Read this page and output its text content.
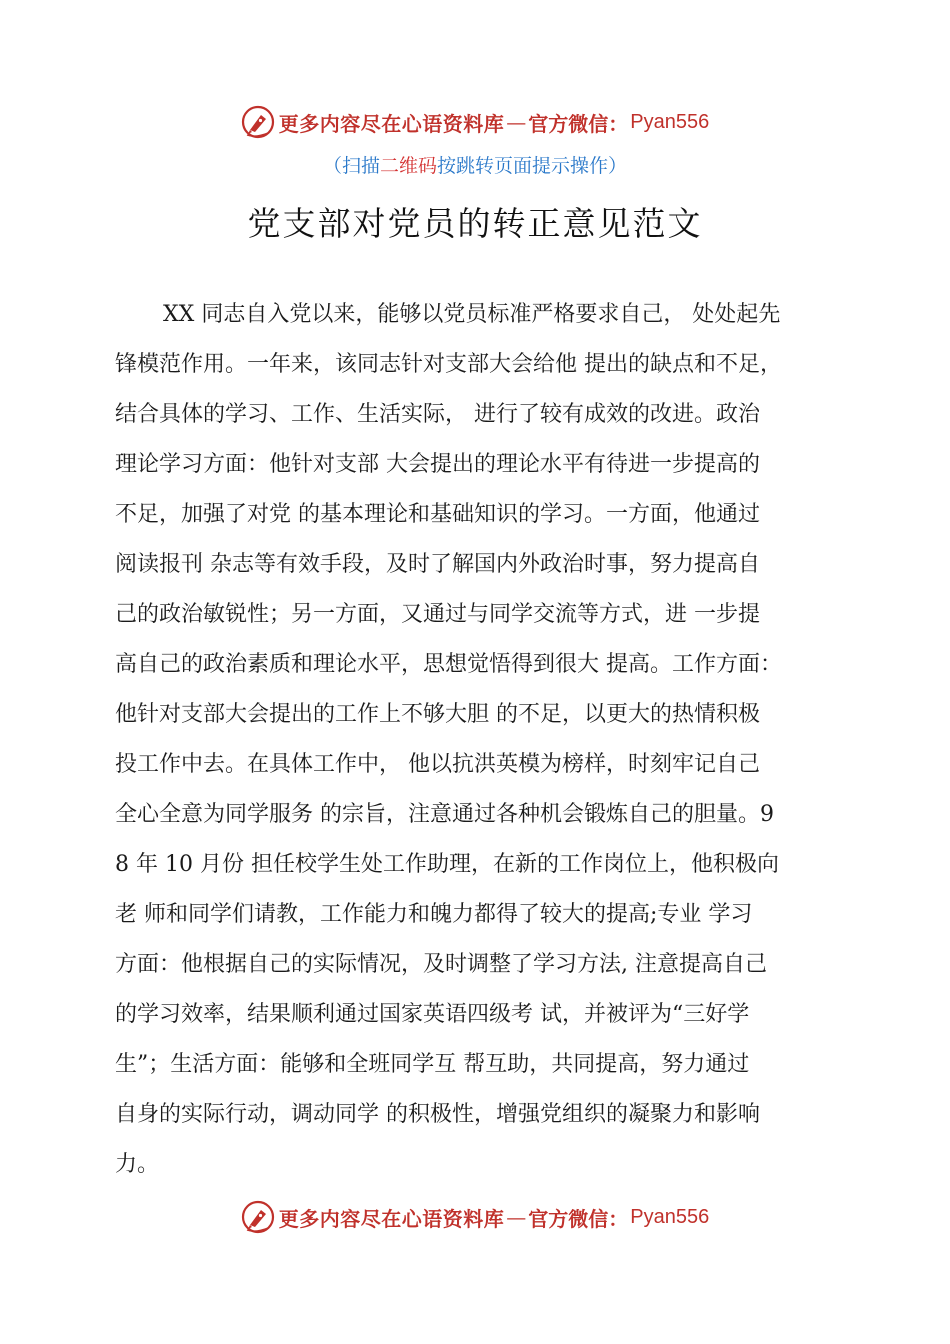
更多内容尽在心语资料库 — 官方微信： Pyan556
（扫描二维码按跳转页面提示操作）
党支部对党员的转正意见范文
XX 同志自入党以来，能够以党员标准严格要求自己， 处处起先
锋模范作用。一年来，该同志针对支部大会给他 提出的缺点和不足，
结合具体的学习、工作、生活实际， 进行了较有成效的改进。政治
理论学习方面：他针对支部 大会提出的理论水平有待进一步提高的
不足，加强了对党 的基本理论和基础知识的学习。一方面，他通过
阅读报刊 杂志等有效手段，及时了解国内外政治时事，努力提高自
己的政治敏锐性；另一方面，又通过与同学交流等方式，进 一步提
高自己的政治素质和理论水平，思想觉悟得到很大 提高。工作方面：
他针对支部大会提出的工作上不够大胆 的不足，以更大的热情积极
投工作中去。在具体工作中， 他以抗洪英模为榜样，时刻牢记自己
全心全意为同学服务 的宗旨，注意通过各种机会锻炼自己的胆量。9
8 年 10 月份 担任校学生处工作助理，在新的工作岗位上，他积极向
老 师和同学们请教，工作能力和魄力都得了较大的提高;专业 学习
方面：他根据自己的实际情况，及时调整了学习方法, 注意提高自己
的学习效率，结果顺利通过国家英语四级考 试，并被评为“三好学
生”；生活方面：能够和全班同学互 帮互助，共同提高，努力通过
自身的实际行动，调动同学 的积极性，增强党组织的凝聚力和影响
力。
更多内容尽在心语资料库 — 官方微信： Pyan556
